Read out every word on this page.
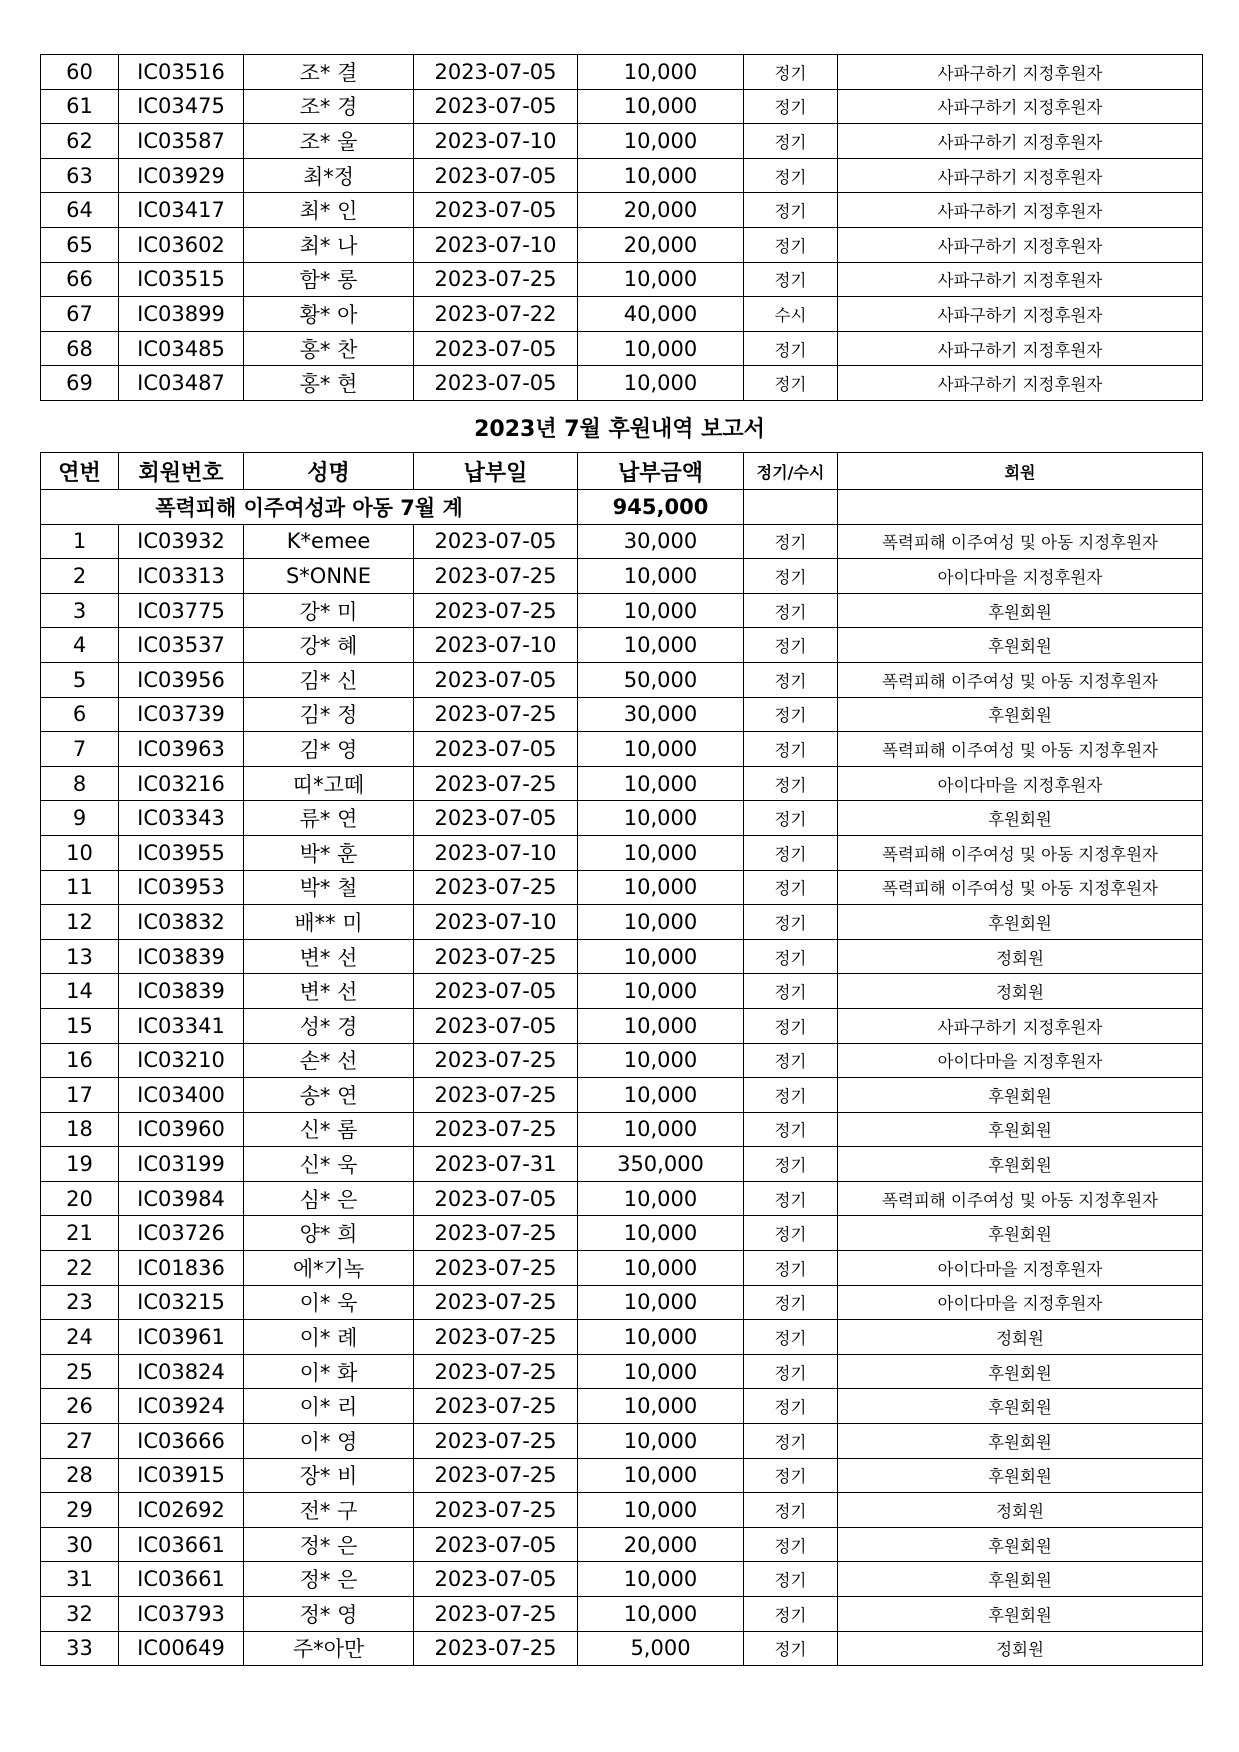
60	IC03516	조* 결	2023-07-05	10,000	정기	사파구하기 지정후원자
61	IC03475	조* 경	2023-07-05	10,000	정기	사파구하기 지정후원자
62	IC03587	조* 울	2023-07-10	10,000	정기	사파구하기 지정후원자
63	IC03929	최*정	2023-07-05	10,000	정기	사파구하기 지정후원자
64	IC03417	최* 인	2023-07-05	20,000	정기	사파구하기 지정후원자
65	IC03602	최* 나	2023-07-10	20,000	정기	사파구하기 지정후원자
66	IC03515	함* 롱	2023-07-25	10,000	정기	사파구하기 지정후원자
67	IC03899	황* 아	2023-07-22	40,000	수시	사파구하기 지정후원자
68	IC03485	홍* 찬	2023-07-05	10,000	정기	사파구하기 지정후원자
69	IC03487	홍* 현	2023-07-05	10,000	정기	사파구하기 지정후원자
2023년 7월 후원내역 보고서
연번	회원번호	성명	납부일	납부금액	정기/수시	회원
폭력피해 이주여성과 아동 7월 계				945,000		
1	IC03932	K*emee	2023-07-05	30,000	정기	폭력피해 이주여성 및 아동 지정후원자
2	IC03313	S*ONNE	2023-07-25	10,000	정기	아이다마을 지정후원자
3	IC03775	강* 미	2023-07-25	10,000	정기	후원회원
4	IC03537	강* 혜	2023-07-10	10,000	정기	후원회원
5	IC03956	김* 신	2023-07-05	50,000	정기	폭력피해 이주여성 및 아동 지정후원자
6	IC03739	김* 정	2023-07-25	30,000	정기	후원회원
7	IC03963	김* 영	2023-07-05	10,000	정기	폭력피해 이주여성 및 아동 지정후원자
8	IC03216	띠*고떼	2023-07-25	10,000	정기	아이다마을 지정후원자
9	IC03343	류* 연	2023-07-05	10,000	정기	후원회원
10	IC03955	박* 훈	2023-07-10	10,000	정기	폭력피해 이주여성 및 아동 지정후원자
11	IC03953	박* 철	2023-07-25	10,000	정기	폭력피해 이주여성 및 아동 지정후원자
12	IC03832	배** 미	2023-07-10	10,000	정기	후원회원
13	IC03839	변* 선	2023-07-25	10,000	정기	정회원
14	IC03839	변* 선	2023-07-05	10,000	정기	정회원
15	IC03341	성* 경	2023-07-05	10,000	정기	사파구하기 지정후원자
16	IC03210	손* 선	2023-07-25	10,000	정기	아이다마을 지정후원자
17	IC03400	송* 연	2023-07-25	10,000	정기	후원회원
18	IC03960	신* 롬	2023-07-25	10,000	정기	후원회원
19	IC03199	신* 욱	2023-07-31	350,000	정기	후원회원
20	IC03984	심* 은	2023-07-05	10,000	정기	폭력피해 이주여성 및 아동 지정후원자
21	IC03726	양* 희	2023-07-25	10,000	정기	후원회원
22	IC01836	에*기녹	2023-07-25	10,000	정기	아이다마을 지정후원자
23	IC03215	이* 욱	2023-07-25	10,000	정기	아이다마을 지정후원자
24	IC03961	이* 례	2023-07-25	10,000	정기	정회원
25	IC03824	이* 화	2023-07-25	10,000	정기	후원회원
26	IC03924	이* 리	2023-07-25	10,000	정기	후원회원
27	IC03666	이* 영	2023-07-25	10,000	정기	후원회원
28	IC03915	장* 비	2023-07-25	10,000	정기	후원회원
29	IC02692	전* 구	2023-07-25	10,000	정기	정회원
30	IC03661	정* 은	2023-07-05	20,000	정기	후원회원
31	IC03661	정* 은	2023-07-05	10,000	정기	후원회원
32	IC03793	정* 영	2023-07-25	10,000	정기	후원회원
33	IC00649	주*아만	2023-07-25	5,000	정기	정회원
